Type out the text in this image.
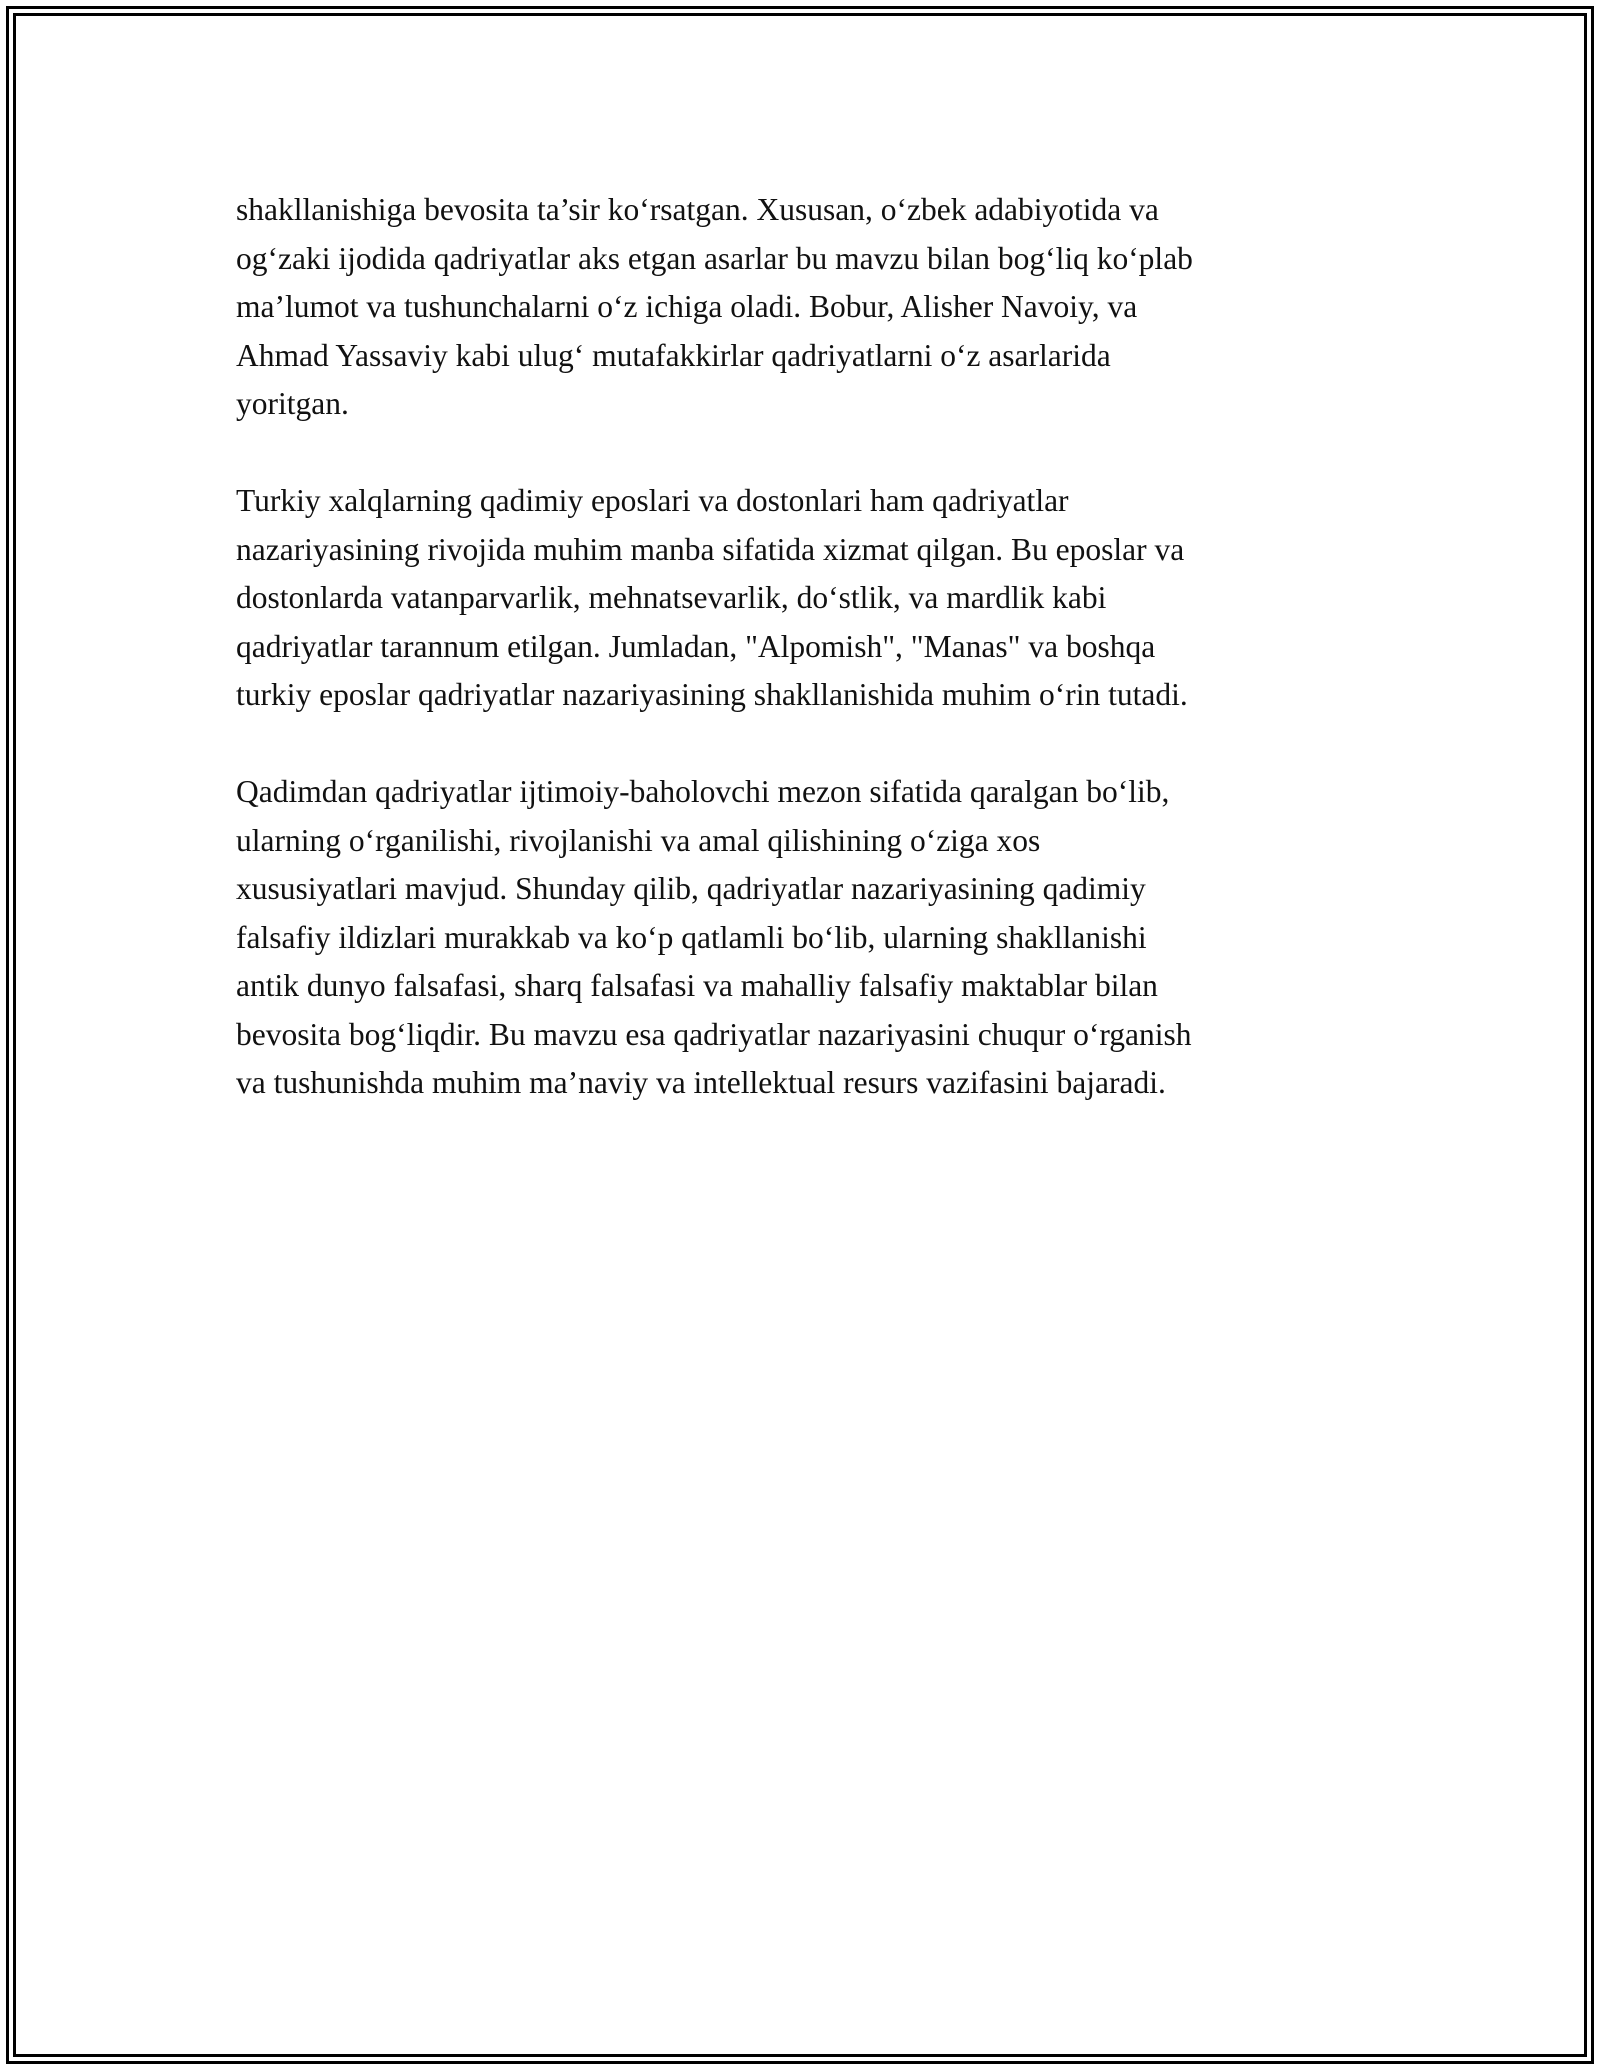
shakllanishiga bevosita ta’sir koʻrsatgan. Xususan, oʻzbek adabiyotida va
ogʻzaki ijodida qadriyatlar aks etgan asarlar bu mavzu bilan bogʻliq koʻplab
ma’lumot va tushunchalarni oʻz ichiga oladi. Bobur, Alisher Navoiy, va
Ahmad Yassaviy kabi ulugʻ mutafakkirlar qadriyatlarni oʻz asarlarida
yoritgan.

Turkiy xalqlarning qadimiy eposlari va dostonlari ham qadriyatlar
nazariyasining rivojida muhim manba sifatida xizmat qilgan. Bu eposlar va
dostonlarda vatanparvarlik, mehnatsevarlik, doʻstlik, va mardlik kabi
qadriyatlar tarannum etilgan. Jumladan, "Alpomish", "Manas" va boshqa
turkiy eposlar qadriyatlar nazariyasining shakllanishida muhim oʻrin tutadi.

Qadimdan qadriyatlar ijtimoiy-baholovchi mezon sifatida qaralgan boʻlib,
ularning oʻrganilishi, rivojlanishi va amal qilishining oʻziga xos
xususiyatlari mavjud. Shunday qilib, qadriyatlar nazariyasining qadimiy
falsafiy ildizlari murakkab va koʻp qatlamli boʻlib, ularning shakllanishi
antik dunyo falsafasi, sharq falsafasi va mahalliy falsafiy maktablar bilan
bevosita bogʻliqdir. Bu mavzu esa qadriyatlar nazariyasini chuqur oʻrganish
va tushunishda muhim ma’naviy va intellektual resurs vazifasini bajaradi.
